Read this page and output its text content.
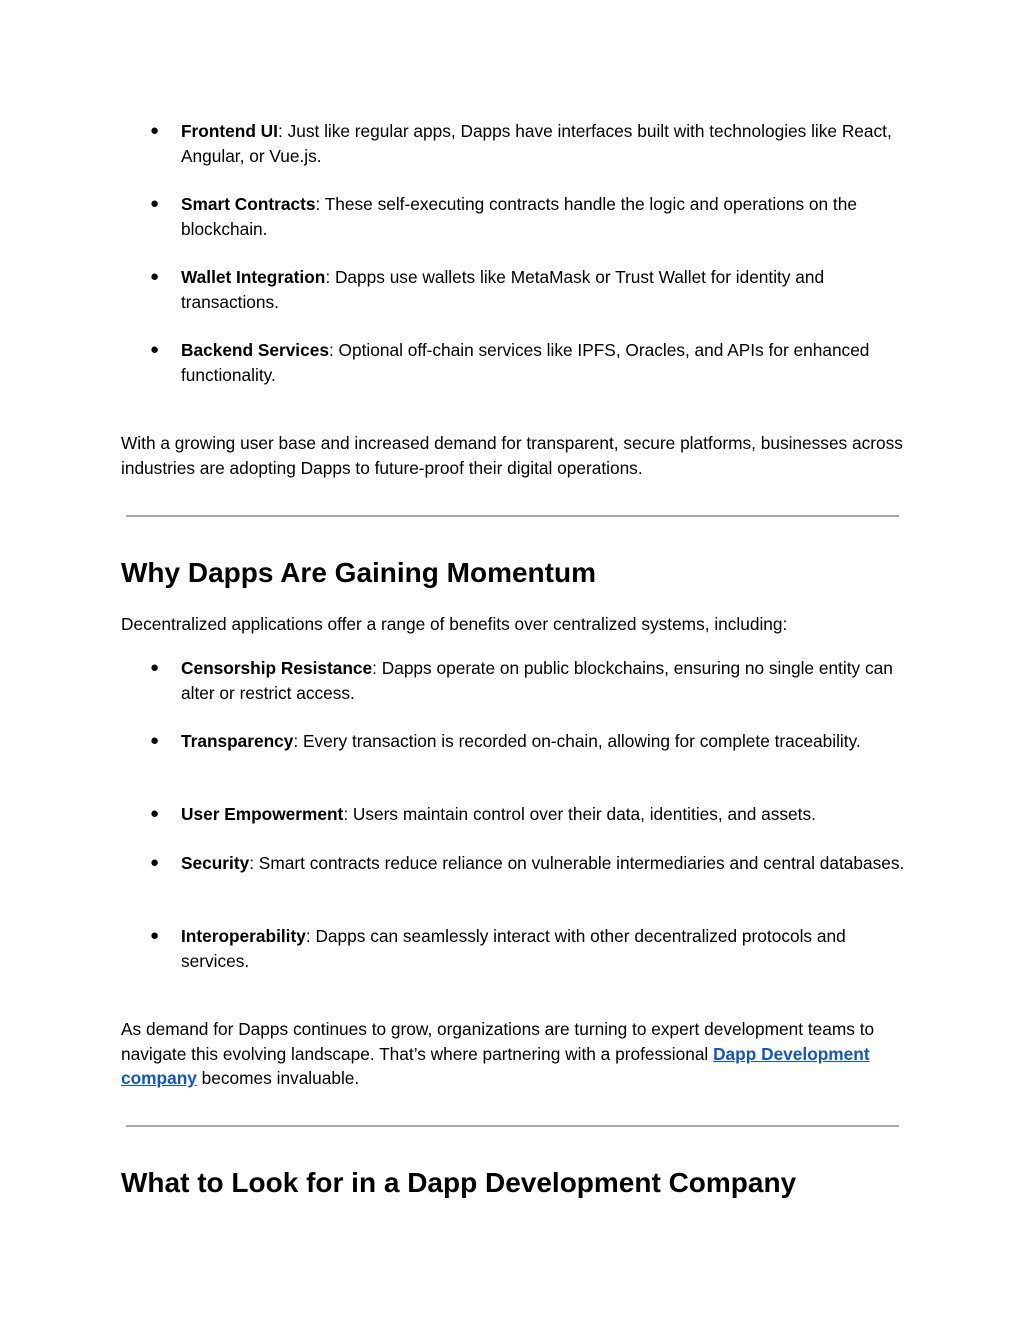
● Frontend UI: Just like regular apps, Dapps have interfaces built with technologies like React, Angular, or Vue.js.
● Smart Contracts: These self-executing contracts handle the logic and operations on the blockchain.
● Wallet Integration: Dapps use wallets like MetaMask or Trust Wallet for identity and transactions.
● Backend Services: Optional off-chain services like IPFS, Oracles, and APIs for enhanced functionality.

With a growing user base and increased demand for transparent, secure platforms, businesses across industries are adopting Dapps to future-proof their digital operations.

Why Dapps Are Gaining Momentum

Decentralized applications offer a range of benefits over centralized systems, including:

● Censorship Resistance: Dapps operate on public blockchains, ensuring no single entity can alter or restrict access.
● Transparency: Every transaction is recorded on-chain, allowing for complete traceability.
● User Empowerment: Users maintain control over their data, identities, and assets.
● Security: Smart contracts reduce reliance on vulnerable intermediaries and central databases.
● Interoperability: Dapps can seamlessly interact with other decentralized protocols and services.

As demand for Dapps continues to grow, organizations are turning to expert development teams to navigate this evolving landscape. That’s where partnering with a professional Dapp Development company becomes invaluable.

What to Look for in a Dapp Development Company
